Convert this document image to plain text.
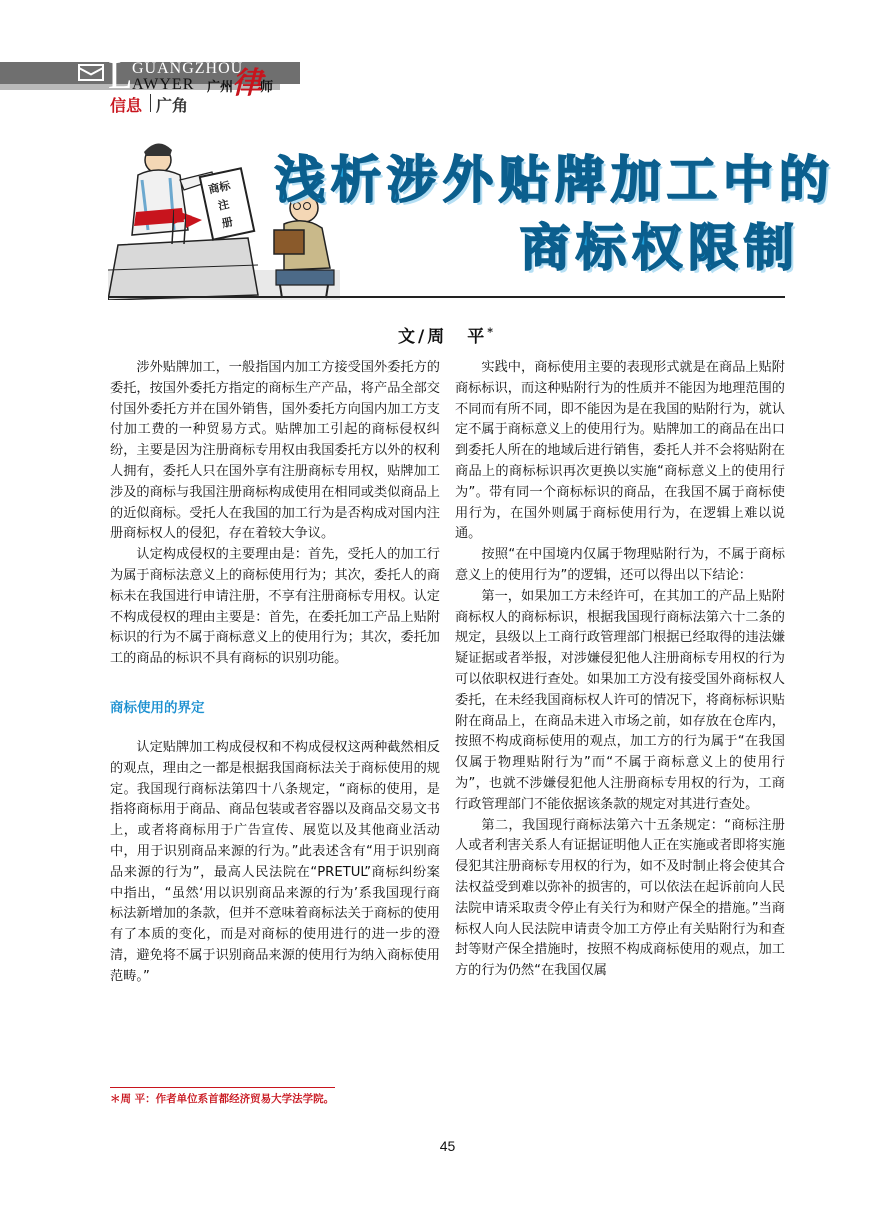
L GUANGZHOU
AWYER 广州
律
师
信息 广角
商标
注
册
浅析涉外贴牌加工中的
商标权限制
文/周　平*

涉外贴牌加工，一般指国内加工方接受国外委托方的委托，按国外委托方指定的商标生产产品，将产品全部交付国外委托方并在国外销售，国外委托方向国内加工方支付加工费的一种贸易方式。贴牌加工引起的商标侵权纠纷，主要是因为注册商标专用权由我国委托方以外的权利人拥有，委托人只在国外享有注册商标专用权，贴牌加工涉及的商标与我国注册商标构成使用在相同或类似商品上的近似商标。受托人在我国的加工行为是否构成对国内注册商标权人的侵犯，存在着较大争议。

认定构成侵权的主要理由是：首先，受托人的加工行为属于商标法意义上的商标使用行为；其次，委托人的商标未在我国进行申请注册，不享有注册商标专用权。认定不构成侵权的理由主要是：首先，在委托加工产品上贴附标识的行为不属于商标意义上的使用行为；其次，委托加工的商品的标识不具有商标的识别功能。

商标使用的界定

认定贴牌加工构成侵权和不构成侵权这两种截然相反的观点，理由之一都是根据我国商标法关于商标使用的规定。我国现行商标法第四十八条规定，“商标的使用，是指将商标用于商品、商品包装或者容器以及商品交易文书上，或者将商标用于广告宣传、展览以及其他商业活动中，用于识别商品来源的行为。”此表述含有“用于识别商品来源的行为”，最高人民法院在“PRETUL”商标纠纷案中指出，“虽然‘用以识别商品来源的行为’系我国现行商标法新增加的条款，但并不意味着商标法关于商标的使用有了本质的变化，而是对商标的使用进行的进一步的澄清，避免将不属于识别商品来源的使用行为纳入商标使用范畴。”

实践中，商标使用主要的表现形式就是在商品上贴附商标标识，而这种贴附行为的性质并不能因为地理范围的不同而有所不同，即不能因为是在我国的贴附行为，就认定不属于商标意义上的使用行为。贴牌加工的商品在出口到委托人所在的地域后进行销售，委托人并不会将贴附在商品上的商标标识再次更换以实施“商标意义上的使用行为”。带有同一个商标标识的商品，在我国不属于商标使用行为，在国外则属于商标使用行为，在逻辑上难以说通。

按照“在中国境内仅属于物理贴附行为，不属于商标意义上的使用行为”的逻辑，还可以得出以下结论：

第一，如果加工方未经许可，在其加工的产品上贴附商标权人的商标标识，根据我国现行商标法第六十二条的规定，县级以上工商行政管理部门根据已经取得的违法嫌疑证据或者举报，对涉嫌侵犯他人注册商标专用权的行为可以依职权进行查处。如果加工方没有接受国外商标权人委托，在未经我国商标权人许可的情况下，将商标标识贴附在商品上，在商品未进入市场之前，如存放在仓库内，按照不构成商标使用的观点，加工方的行为属于“在我国仅属于物理贴附行为”而“不属于商标意义上的使用行为”，也就不涉嫌侵犯他人注册商标专用权的行为，工商行政管理部门不能依据该条款的规定对其进行查处。

第二，我国现行商标法第六十五条规定：“商标注册人或者利害关系人有证据证明他人正在实施或者即将实施侵犯其注册商标专用权的行为，如不及时制止将会使其合法权益受到难以弥补的损害的，可以依法在起诉前向人民法院申请采取责令停止有关行为和财产保全的措施。”当商标权人向人民法院申请责令加工方停止有关贴附行为和查封等财产保全措施时，按照不构成商标使用的观点，加工方的行为仍然“在我国仅属

＊周 平：作者单位系首都经济贸易大学法学院。
45
